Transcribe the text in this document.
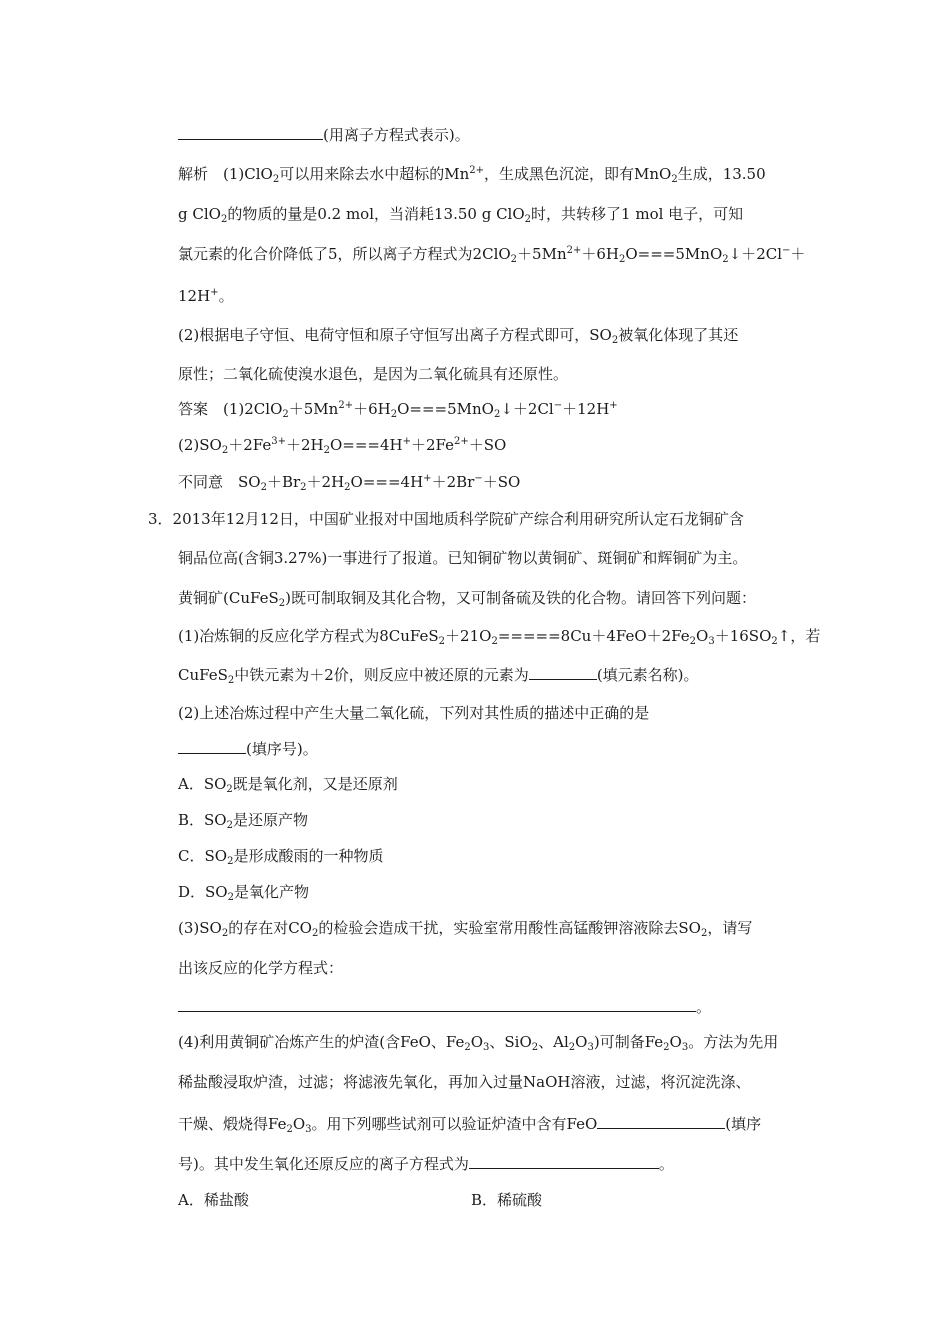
(用离子方程式表示)。
解析　(1)ClO$_2$可以用来除去水中超标的$Mn^{2+}$，生成黑色沉淀，即有MnO$_2$生成，13.50
g ClO$_2$的物质的量是0.2 mol，当消耗13.50 g ClO$_2$时，共转移了1 mol 电子，可知
氯元素的化合价降低了5，所以离子方程式为$2ClO_2+5Mn^{2+}+6H_2O===5MnO_2↓+2Cl^-+$
12H+。
(2)根据电子守恒、电荷守恒和原子守恒写出离子方程式即可，$SO_2$被氧化体现了其还
原性；二氧化硫使溴水退色，是因为二氧化硫具有还原性。
答案　$(1)2ClO_2+5Mn^{2+}+6H_2O===5MnO_2↓+2Cl^-+12H^+$
$(2)SO_2+2Fe^{3+}+2H_2O===4H^++2Fe^{2+}+SO$
不同意　$SO_2+Br_2+2H_2O===4H^++2Br^-+SO$
3．2013年12月12日，中国矿业报对中国地质科学院矿产综合利用研究所认定石龙铜矿含
铜品位高(含铜3.27%)一事进行了报道。已知铜矿物以黄铜矿、斑铜矿和辉铜矿为主。
黄铜矿(CuFeS$_2$)既可制取铜及其化合物，又可制备硫及铁的化合物。请回答下列问题：
(1)冶炼铜的反应化学方程式为$8CuFeS_2+21O_2=====8Cu+4FeO+2Fe_2O_3+16SO_2↑$，若
CuFeS$_2$中铁元素为＋2价，则反应中被还原的元素为	(填元素名称)。
(2)上述冶炼过程中产生大量二氧化硫，下列对其性质的描述中正确的是
(填序号)。
A．$SO_2$既是氧化剂，又是还原剂
B．$SO_2$是还原产物
C．$SO_2$是形成酸雨的一种物质
D．$SO_2$是氧化产物
$(3)SO_2$的存在对$CO_2$的检验会造成干扰，实验室常用酸性高锰酸钾溶液除去$SO_2$，请写
出该反应的化学方程式：
。
(4)利用黄铜矿冶炼产生的炉渣(含FeO、$Fe_2O_3$、SiO$_2$、$Al_2O_3$)可制备$Fe_2O_3$。方法为先用
稀盐酸浸取炉渣，过滤；将滤液先氧化，再加入过量NaOH溶液，过滤，将沉淀洗涤、
干燥、煅烧得$Fe_2O_3$。用下列哪些试剂可以验证炉渣中含有FeO	(填序
号)。其中发生氧化还原反应的离子方程式为	。
A．稀盐酸	B．稀硫酸
